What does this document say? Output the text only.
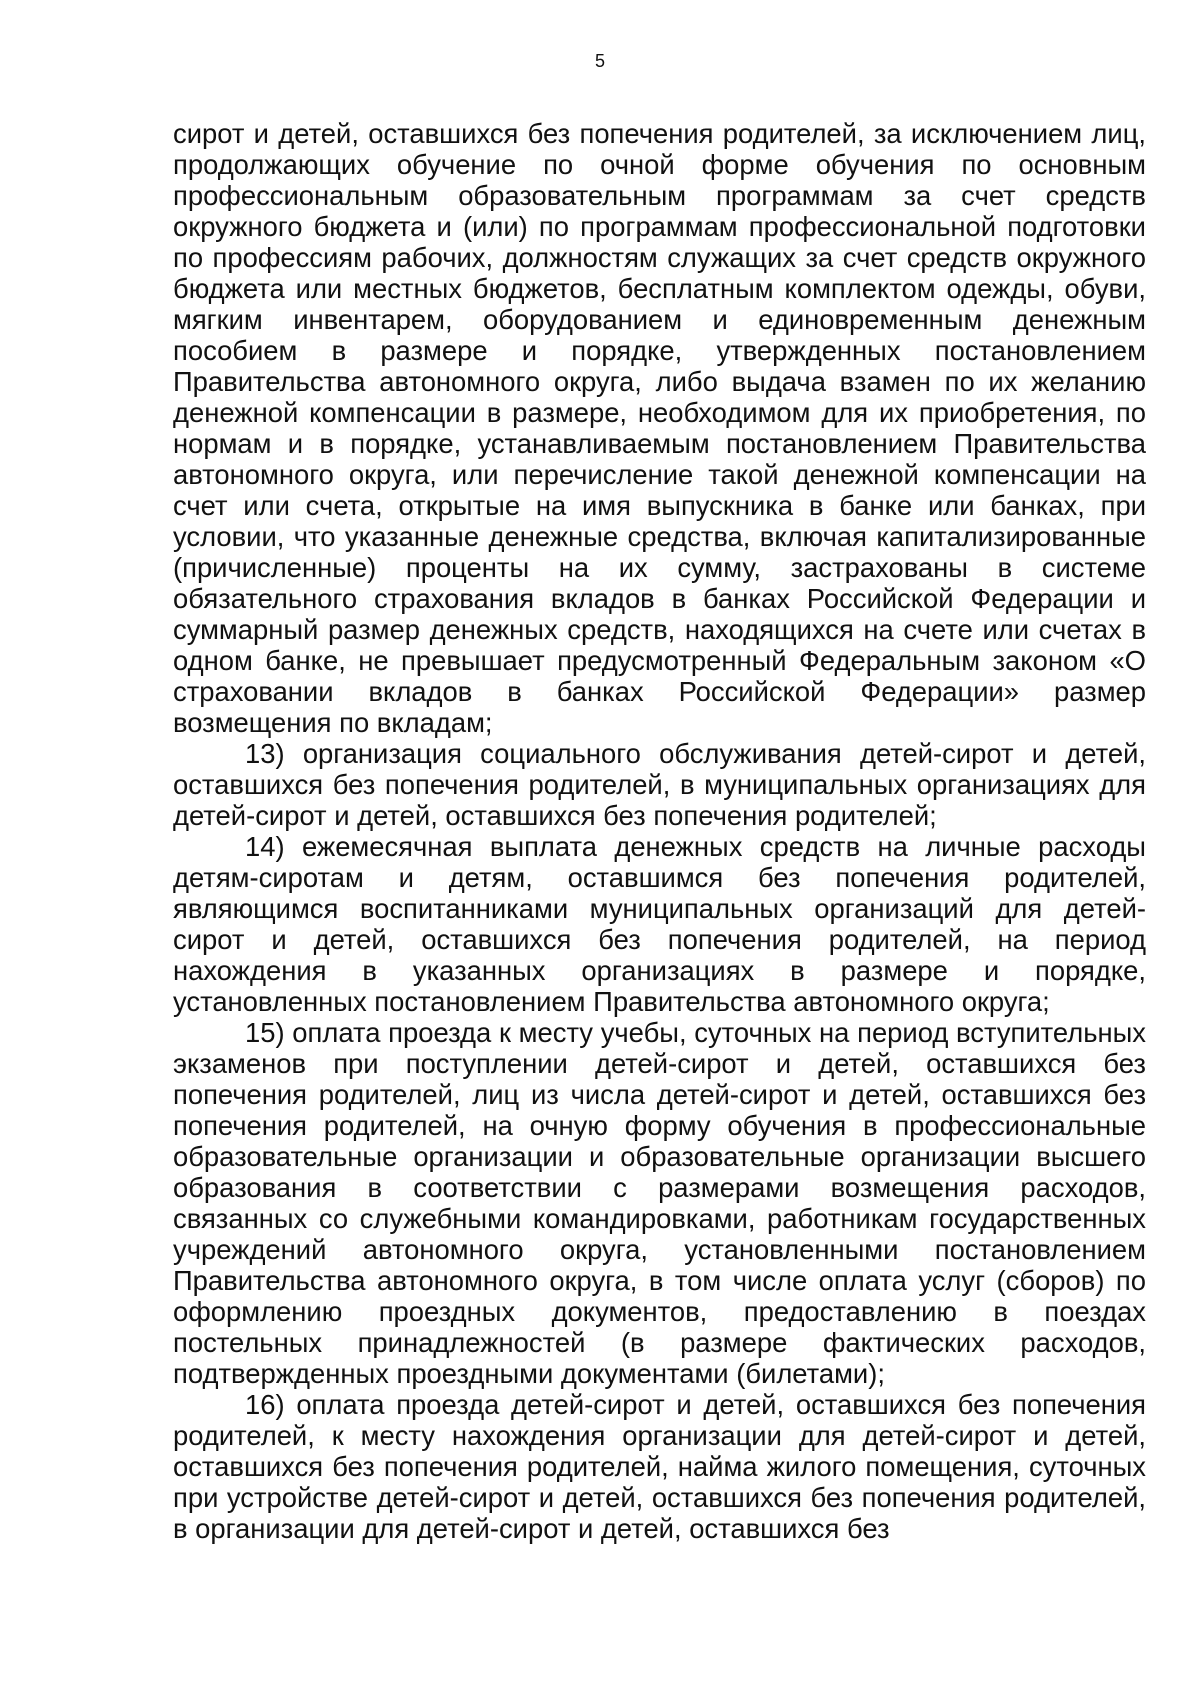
5

сирот и детей, оставшихся без попечения родителей, за исключением лиц, продолжающих обучение по очной форме обучения по основным профессиональным образовательным программам за счет средств окружного бюджета и (или) по программам профессиональной подготовки по профессиям рабочих, должностям служащих за счет средств окружного бюджета или местных бюджетов, бесплатным комплектом одежды, обуви, мягким инвентарем, оборудованием и единовременным денежным пособием в размере и порядке, утвержденных постановлением Правительства автономного округа, либо выдача взамен по их желанию денежной компенсации в размере, необходимом для их приобретения, по нормам и в порядке, устанавливаемым постановлением Правительства автономного округа, или перечисление такой денежной компенсации на счет или счета, открытые на имя выпускника в банке или банках, при условии, что указанные денежные средства, включая капитализированные (причисленные) проценты на их сумму, застрахованы в системе обязательного страхования вкладов в банках Российской Федерации и суммарный размер денежных средств, находящихся на счете или счетах в одном банке, не превышает предусмотренный Федеральным законом «О страховании вкладов в банках Российской Федерации» размер возмещения по вкладам;

13) организация социального обслуживания детей-сирот и детей, оставшихся без попечения родителей, в муниципальных организациях для детей-сирот и детей, оставшихся без попечения родителей;

14) ежемесячная выплата денежных средств на личные расходы детям-сиротам и детям, оставшимся без попечения родителей, являющимся воспитанниками муниципальных организаций для детей-сирот и детей, оставшихся без попечения родителей, на период нахождения в указанных организациях в размере и порядке, установленных постановлением Правительства автономного округа;

15) оплата проезда к месту учебы, суточных на период вступительных экзаменов при поступлении детей-сирот и детей, оставшихся без попечения родителей, лиц из числа детей-сирот и детей, оставшихся без попечения родителей, на очную форму обучения в профессиональные образовательные организации и образовательные организации высшего образования в соответствии с размерами возмещения расходов, связанных со служебными командировками, работникам государственных учреждений автономного округа, установленными постановлением Правительства автономного округа, в том числе оплата услуг (сборов) по оформлению проездных документов, предоставлению в поездах постельных принадлежностей (в размере фактических расходов, подтвержденных проездными документами (билетами);

16) оплата проезда детей-сирот и детей, оставшихся без попечения родителей, к месту нахождения организации для детей-сирот и детей, оставшихся без попечения родителей, найма жилого помещения, суточных при устройстве детей-сирот и детей, оставшихся без попечения родителей, в организации для детей-сирот и детей, оставшихся без
